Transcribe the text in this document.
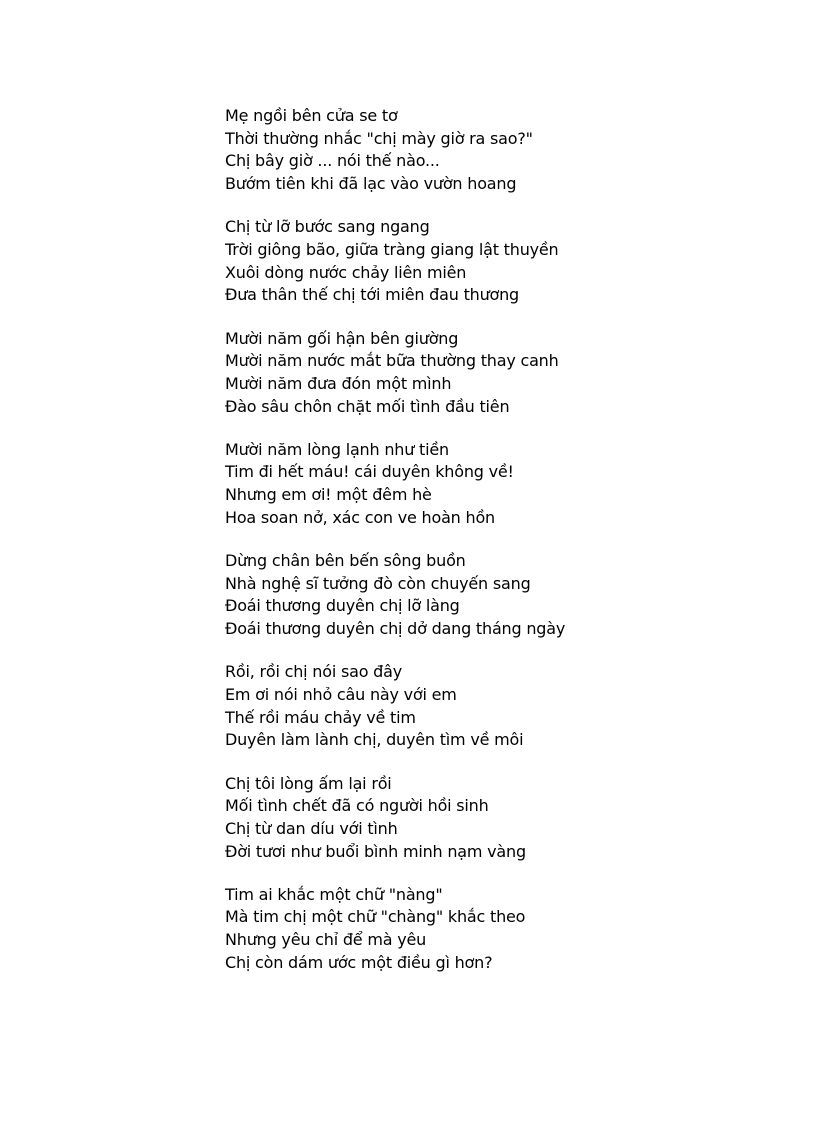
Mẹ ngồi bên cửa se tơ
Thời thường nhắc "chị mày giờ ra sao?"
Chị bây giờ ... nói thế nào...
Bướm tiên khi đã lạc vào vườn hoang
Chị từ lỡ bước sang ngang
Trời giông bão, giữa tràng giang lật thuyền
Xuôi dòng nước chảy liên miên
Đưa thân thế chị tới miên đau thương
Mười năm gối hận bên giường
Mười năm nước mắt bữa thường thay canh
Mười năm đưa đón một mình
Đào sâu chôn chặt mối tình đầu tiên
Mười năm lòng lạnh như tiền
Tim đi hết máu! cái duyên không về!
Nhưng em ơi! một đêm hè
Hoa soan nở, xác con ve hoàn hồn
Dừng chân bên bến sông buồn
Nhà nghệ sĩ tưởng đò còn chuyến sang
Đoái thương duyên chị lỡ làng
Đoái thương duyên chị dở dang tháng ngày
Rồi, rồi chị nói sao đây
Em ơi nói nhỏ câu này với em
Thế rồi máu chảy về tim
Duyên làm lành chị, duyên tìm về môi
Chị tôi lòng ấm lại rồi
Mối tình chết đã có người hồi sinh
Chị từ dan díu với tình
Đời tươi như buổi bình minh nạm vàng
Tim ai khắc một chữ "nàng"
Mà tim chị một chữ "chàng" khắc theo
Nhưng yêu chỉ để mà yêu
Chị còn dám ước một điều gì hơn?
